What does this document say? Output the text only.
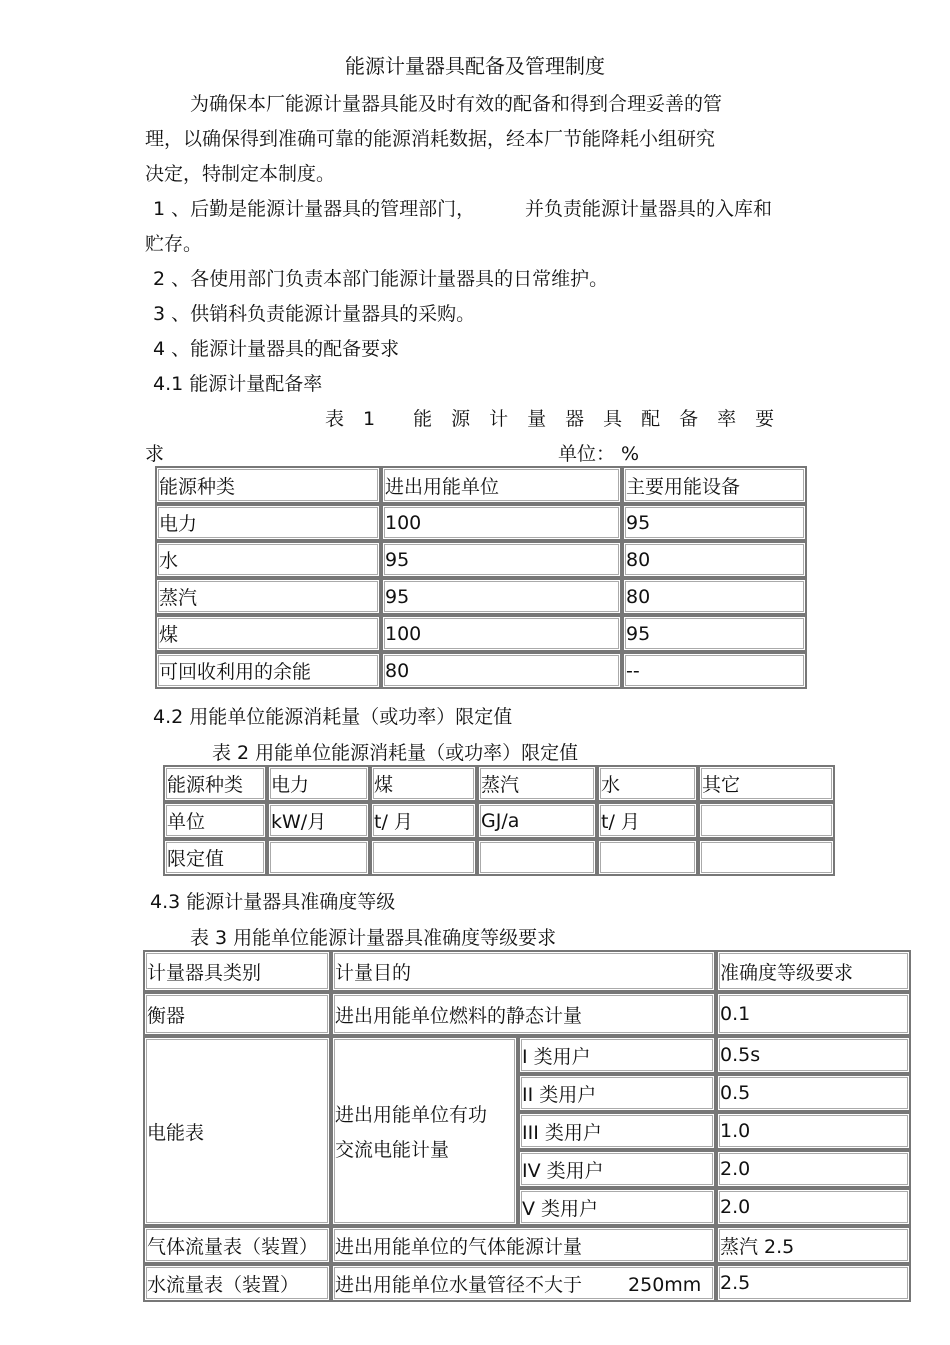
能源计量器具配备及管理制度
为确保本厂能源计量器具能及时有效的配备和得到合理妥善的管
理，以确保得到准确可靠的能源消耗数据，经本厂节能降耗小组研究
决定，特制定本制度。
1 、后勤是能源计量器具的管理部门，	并负责能源计量器具的入库和
贮存。
2 、各使用部门负责本部门能源计量器具的日常维护。
3 、供销科负责能源计量器具的采购。
4 、能源计量器具的配备要求
4.1 能源计量配备率
表　1　　能　源　计　量　器　具　配　备　率　要
求	单位： %
能源种类	进出用能单位	主要用能设备
电力	100	95
水	95	80
蒸汽	95	80
煤	100	95
可回收利用的余能	80	--
4.2 用能单位能源消耗量（或功率）限定值
表 2 用能单位能源消耗量（或功率）限定值
能源种类	电力	煤	蒸汽	水	其它
单位	kW/月	t/ 月	GJ/a	t/ 月	
限定值					
4.3 能源计量器具准确度等级
表 3 用能单位能源计量器具准确度等级要求
计量器具类别	计量目的		准确度等级要求
衡器	进出用能单位燃料的静态计量		0.1
电能表	进出用能单位有功
交流电能计量	I 类用户	0.5s
		II 类用户	0.5
		III 类用户	1.0
		IV 类用户	2.0
		V 类用户	2.0
气体流量表（装置）	进出用能单位的气体能源计量		蒸汽 2.5
水流量表（装置）	进出用能单位水量管径不大于 250mm		2.5
